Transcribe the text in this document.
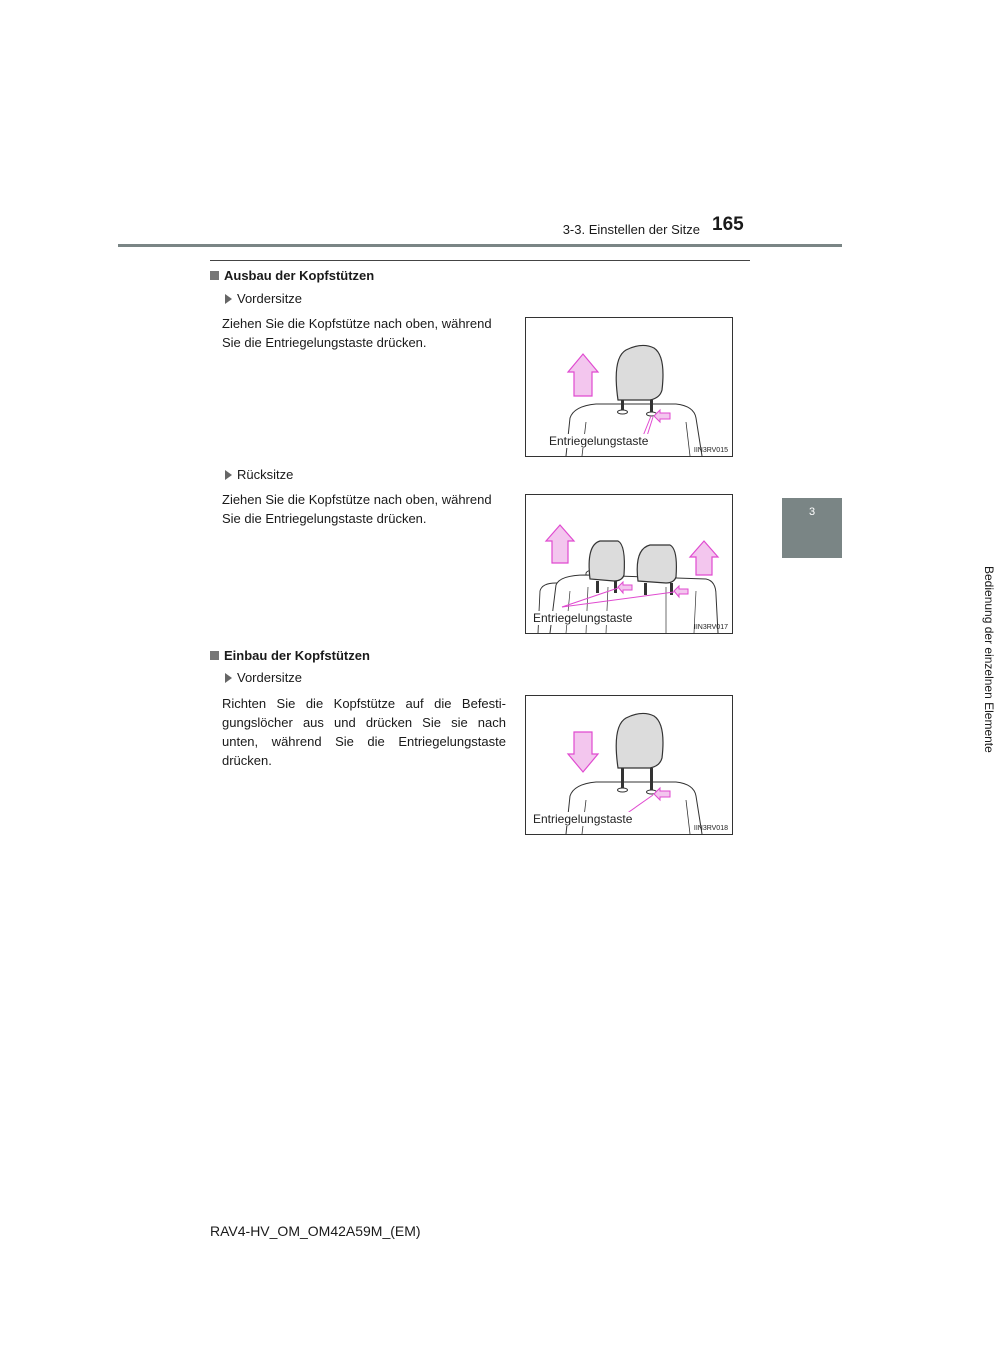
3-3. Einstellen der Sitze 165
3
Bedienung der einzelnen Elemente
Ausbau der Kopfstützen
Vordersitze
Ziehen Sie die Kopfstütze nach oben, während Sie die Entriegelungstaste drücken.
Entriegelungstaste
IIN3RV015
Rücksitze
Ziehen Sie die Kopfstütze nach oben, während Sie die Entriegelungstaste drücken.
Entriegelungstaste
IIN3RV017
Einbau der Kopfstützen
Vordersitze
Richten Sie die Kopfstütze auf die Befesti-gungslöcher aus und drücken Sie sie nach unten, während Sie die Entriegelungstaste drücken.
Entriegelungstaste
IIN3RV018
RAV4-HV_OM_OM42A59M_(EM)
